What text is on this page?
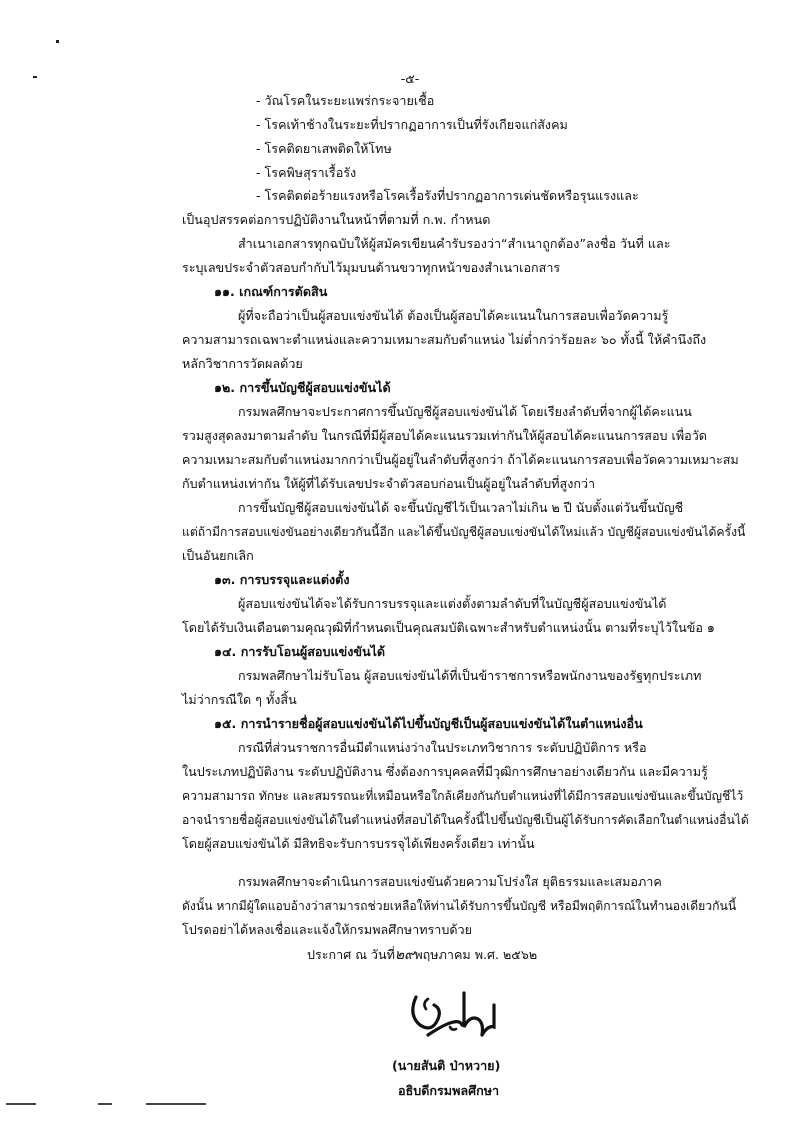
-๕-
- วัณโรคในระยะแพร่กระจายเชื้อ
- โรคเท้าช้างในระยะที่ปรากฏอาการเป็นที่รังเกียจแก่สังคม
- โรคติดยาเสพติดให้โทษ
- โรคพิษสุราเรื้อรัง
- โรคติดต่อร้ายแรงหรือโรคเรื้อรังที่ปรากฏอาการเด่นชัดหรือรุนแรงและ
เป็นอุปสรรคต่อการปฏิบัติงานในหน้าที่ตามที่ ก.พ. กำหนด
สำเนาเอกสารทุกฉบับให้ผู้สมัครเขียนคำรับรองว่า“สำเนาถูกต้อง”ลงชื่อ วันที่ และ
ระบุเลขประจำตัวสอบกำกับไว้มุมบนด้านขวาทุกหน้าของสำเนาเอกสาร
๑๑. เกณฑ์การตัดสิน
ผู้ที่จะถือว่าเป็นผู้สอบแข่งขันได้ ต้องเป็นผู้สอบได้คะแนนในการสอบเพื่อวัดความรู้
ความสามารถเฉพาะตำแหน่งและความเหมาะสมกับตำแหน่ง ไม่ต่ำกว่าร้อยละ ๖๐ ทั้งนี้ ให้คำนึงถึง
หลักวิชาการวัดผลด้วย
๑๒. การขึ้นบัญชีผู้สอบแข่งขันได้
กรมพลศึกษาจะประกาศการขึ้นบัญชีผู้สอบแข่งขันได้ โดยเรียงลำดับที่จากผู้ได้คะแนน
รวมสูงสุดลงมาตามลำดับ ในกรณีที่มีผู้สอบได้คะแนนรวมเท่ากันให้ผู้สอบได้คะแนนการสอบ เพื่อวัด
ความเหมาะสมกับตำแหน่งมากกว่าเป็นผู้อยู่ในลำดับที่สูงกว่า ถ้าได้คะแนนการสอบเพื่อวัดความเหมาะสม
กับตำแหน่งเท่ากัน ให้ผู้ที่ได้รับเลขประจำตัวสอบก่อนเป็นผู้อยู่ในลำดับที่สูงกว่า
การขึ้นบัญชีผู้สอบแข่งขันได้ จะขึ้นบัญชีไว้เป็นเวลาไม่เกิน ๒ ปี นับตั้งแต่วันขึ้นบัญชี
แต่ถ้ามีการสอบแข่งขันอย่างเดียวกันนี้อีก และได้ขึ้นบัญชีผู้สอบแข่งขันได้ใหม่แล้ว บัญชีผู้สอบแข่งขันได้ครั้งนี้
เป็นอันยกเลิก
๑๓. การบรรจุและแต่งตั้ง
ผู้สอบแข่งขันได้จะได้รับการบรรจุและแต่งตั้งตามลำดับที่ในบัญชีผู้สอบแข่งขันได้
โดยได้รับเงินเดือนตามคุณวุฒิที่กำหนดเป็นคุณสมบัติเฉพาะสำหรับตำแหน่งนั้น ตามที่ระบุไว้ในข้อ ๑
๑๔. การรับโอนผู้สอบแข่งขันได้
กรมพลศึกษาไม่รับโอน ผู้สอบแข่งขันได้ที่เป็นข้าราชการหรือพนักงานของรัฐทุกประเภท
ไม่ว่ากรณีใด ๆ ทั้งสิ้น
๑๕. การนำรายชื่อผู้สอบแข่งขันได้ไปขึ้นบัญชีเป็นผู้สอบแข่งขันได้ในตำแหน่งอื่น
กรณีที่ส่วนราชการอื่นมีตำแหน่งว่างในประเภทวิชาการ ระดับปฏิบัติการ หรือ
ในประเภทปฏิบัติงาน ระดับปฏิบัติงาน ซึ่งต้องการบุคคลที่มีวุฒิการศึกษาอย่างเดียวกัน และมีความรู้
ความสามารถ ทักษะ และสมรรถนะที่เหมือนหรือใกล้เคียงกันกับตำแหน่งที่ได้มีการสอบแข่งขันและขึ้นบัญชีไว้
อาจนำรายชื่อผู้สอบแข่งขันได้ในตำแหน่งที่สอบได้ในครั้งนี้ไปขึ้นบัญชีเป็นผู้ได้รับการคัดเลือกในตำแหน่งอื่นได้
โดยผู้สอบแข่งขันได้ มีสิทธิจะรับการบรรจุได้เพียงครั้งเดียว เท่านั้น
กรมพลศึกษาจะดำเนินการสอบแข่งขันด้วยความโปร่งใส ยุติธรรมและเสมอภาค
ดังนั้น หากมีผู้ใดแอบอ้างว่าสามารถช่วยเหลือให้ท่านได้รับการขึ้นบัญชี หรือมีพฤติการณ์ในทำนองเดียวกันนี้
โปรดอย่าได้หลงเชื่อและแจ้งให้กรมพลศึกษาทราบด้วย
ประกาศ ณ วันที่๒๙พฤษภาคม พ.ศ. ๒๕๖๒
(นายสันติ ป่าหวาย)
อธิบดีกรมพลศึกษา
